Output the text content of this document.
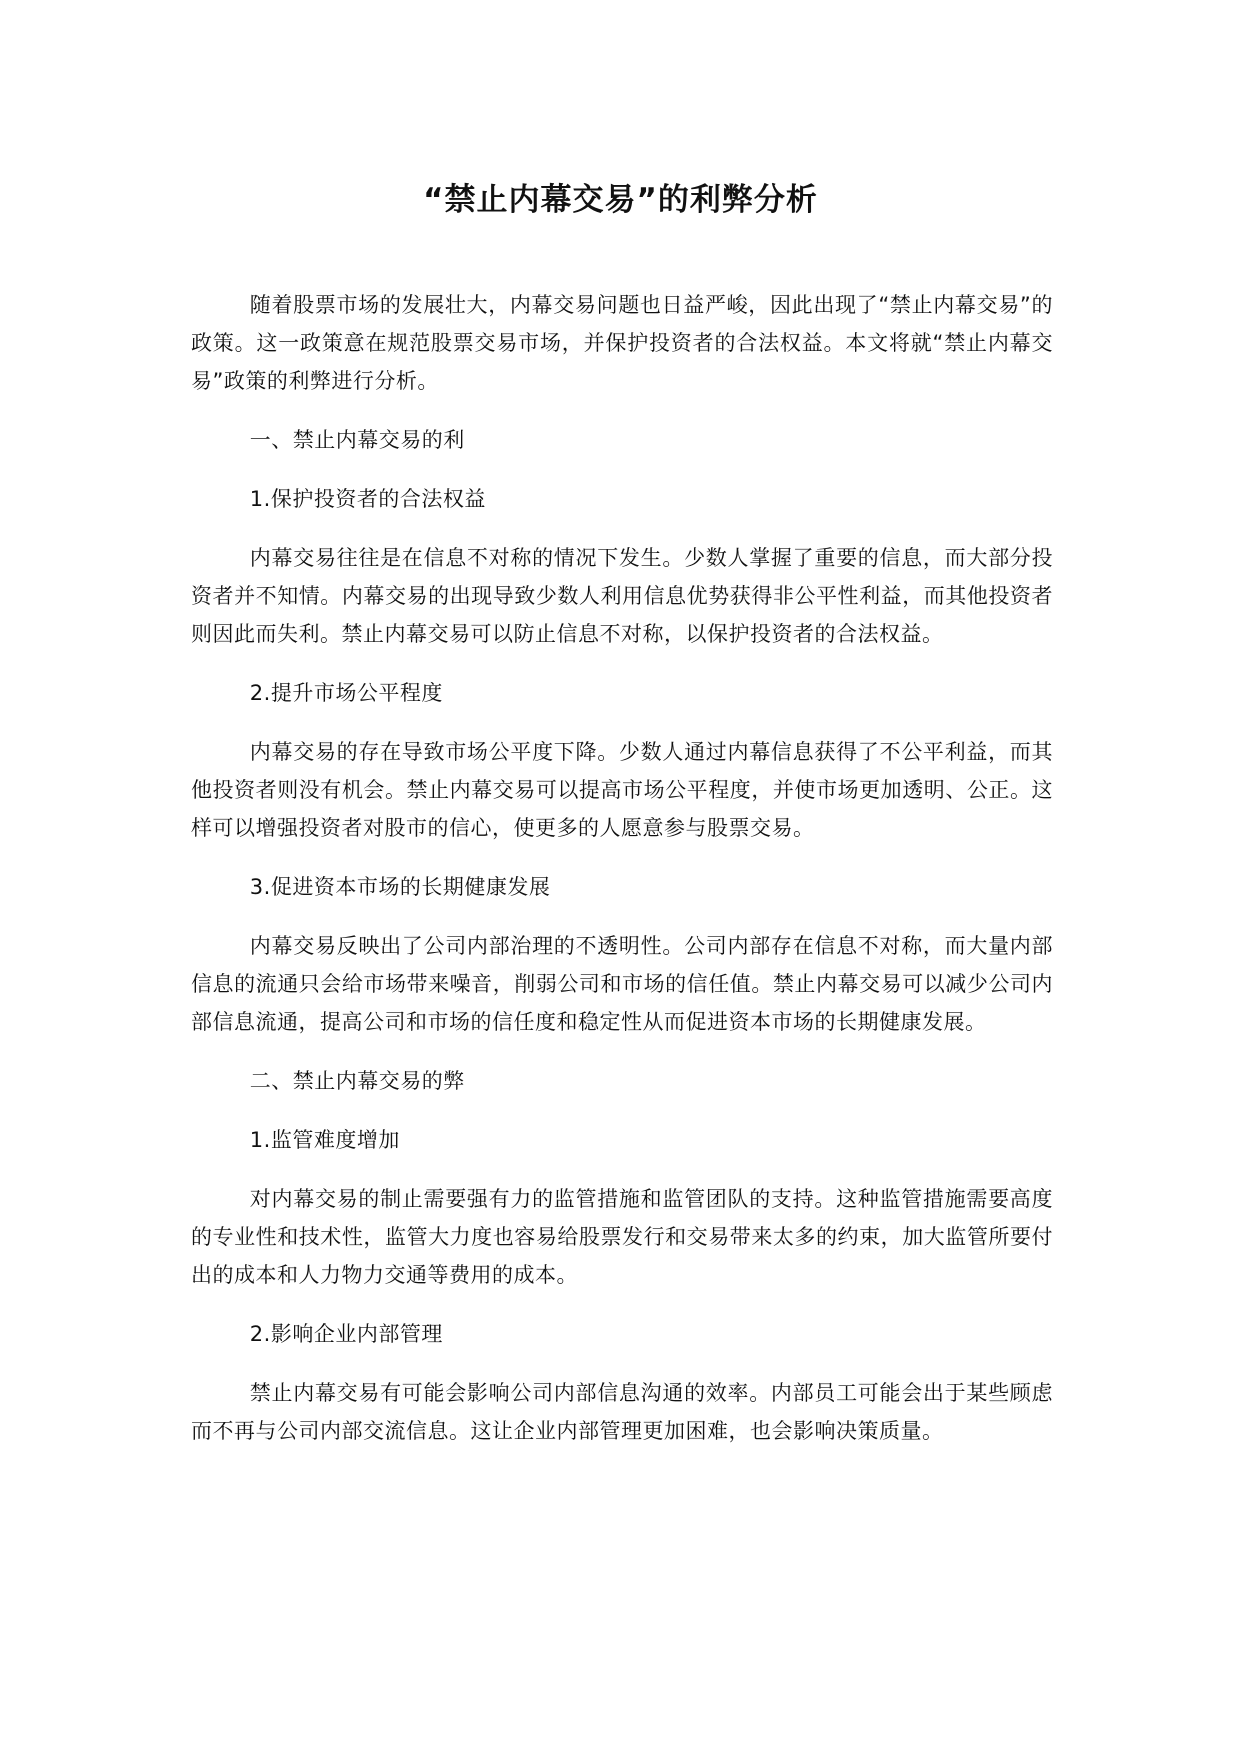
“禁止内幕交易”的利弊分析

随着股票市场的发展壮大，内幕交易问题也日益严峻，因此出现了“禁止内幕交易”的政策。这一政策意在规范股票交易市场，并保护投资者的合法权益。本文将就“禁止内幕交易”政策的利弊进行分析。

一、禁止内幕交易的利

1.保护投资者的合法权益

内幕交易往往是在信息不对称的情况下发生。少数人掌握了重要的信息，而大部分投资者并不知情。内幕交易的出现导致少数人利用信息优势获得非公平性利益，而其他投资者则因此而失利。禁止内幕交易可以防止信息不对称，以保护投资者的合法权益。

2.提升市场公平程度

内幕交易的存在导致市场公平度下降。少数人通过内幕信息获得了不公平利益，而其他投资者则没有机会。禁止内幕交易可以提高市场公平程度，并使市场更加透明、公正。这样可以增强投资者对股市的信心，使更多的人愿意参与股票交易。

3.促进资本市场的长期健康发展

内幕交易反映出了公司内部治理的不透明性。公司内部存在信息不对称，而大量内部信息的流通只会给市场带来噪音，削弱公司和市场的信任值。禁止内幕交易可以减少公司内部信息流通，提高公司和市场的信任度和稳定性从而促进资本市场的长期健康发展。

二、禁止内幕交易的弊

1.监管难度增加

对内幕交易的制止需要强有力的监管措施和监管团队的支持。这种监管措施需要高度的专业性和技术性，监管大力度也容易给股票发行和交易带来太多的约束，加大监管所要付出的成本和人力物力交通等费用的成本。

2.影响企业内部管理

禁止内幕交易有可能会影响公司内部信息沟通的效率。内部员工可能会出于某些顾虑而不再与公司内部交流信息。这让企业内部管理更加困难，也会影响决策质量。
